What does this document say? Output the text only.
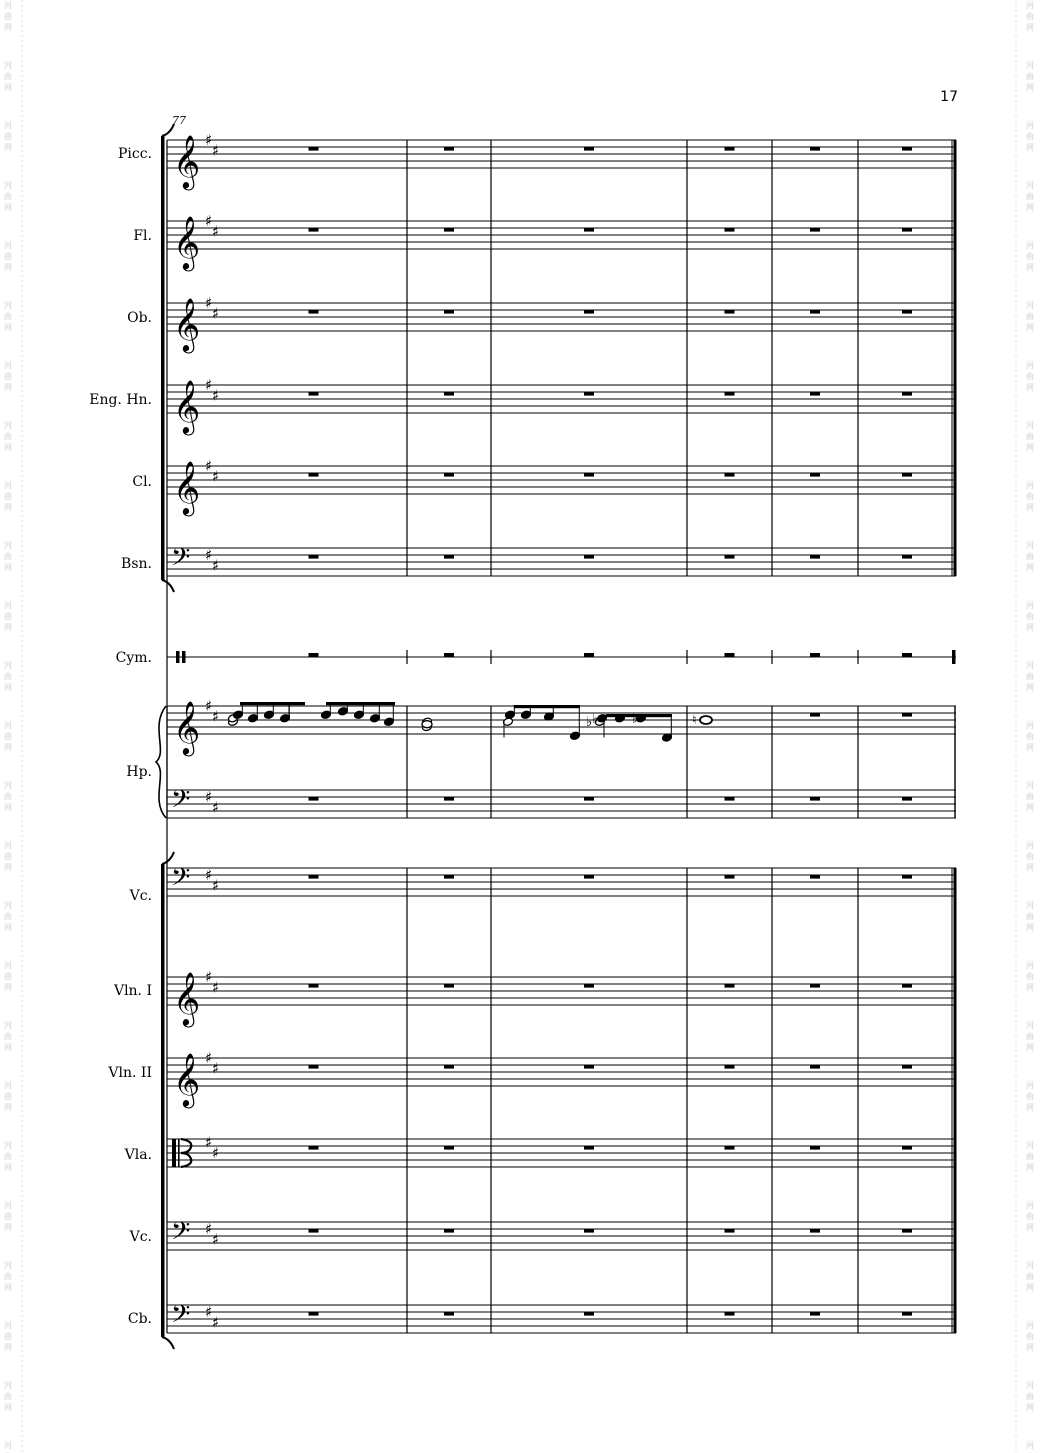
河
曲
网
河
曲
网
河
曲
网
河
曲
网
河
曲
网
河
曲
网
河
曲
网
河
曲
网
河
曲
网
河
曲
网
河
曲
网
河
曲
网
河
曲
网
河
曲
网
河
曲
网
河
曲
网
河
曲
网
河
曲
网
河
曲
网
河
曲
网
河
曲
网
河
曲
网
河
曲
网
河
曲
网
河
河
曲
网
河
曲
网
河
曲
网
河
曲
网
河
曲
网
河
曲
网
河
曲
网
河
曲
网
河
曲
网
河
曲
网
河
曲
网
河
曲
网
河
曲
网
河
曲
网
河
曲
网
河
曲
网
河
曲
网
河
曲
网
河
曲
网
河
曲
网
河
曲
网
河
曲
网
河
曲
网
河
曲
网
河
17
77
𝄞 ♯
♯
𝄞 ♯
♯
𝄞 ♯
♯
𝄞 ♯
♯
𝄞 ♯
♯
𝄢 ♯
♯
𝄞 ♯
♯
𝄢 ♯
♯
𝄢 ♯
♯
𝄞 ♯
♯
𝄞 ♯
♯
♯
♯
𝄢 ♯
♯
𝄢 ♯
♯
Picc.
Fl.
Ob.
Eng. Hn.
Cl.
Bsn.
Cym.
Hp.
Vc.
Vln. I
Vln. II
Vla.
Vc.
Cb.
♭ ♭	♭	♮
